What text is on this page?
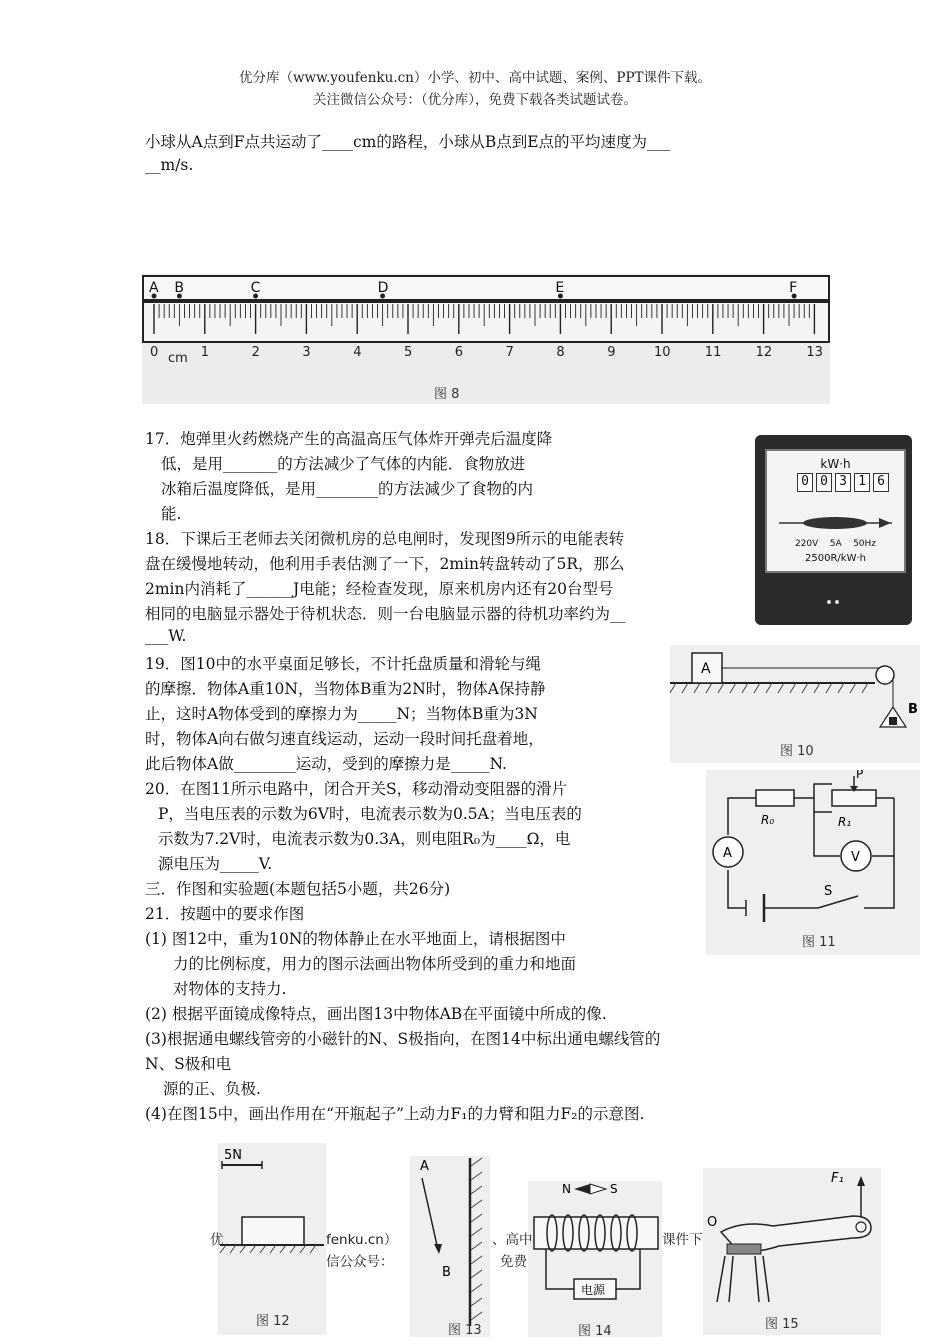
优分库（www.youfenku.cn）小学、初中、高中试题、案例、PPT课件下载。
关注微信公众号：（优分库），免费下载各类试题试卷。
小球从A点到F点共运动了____cm的路程，小球从B点到E点的平均速度为___
__m/s.
0	1	2	3	4	5	6	7	8	9	10	11	12	13
A B	C	D	E	F
cm
图 8
17．炮弹里火药燃烧产生的高温高压气体炸开弹壳后温度降
低，是用_______的方法减少了气体的内能．食物放进
冰箱后温度降低，是用________的方法减少了食物的内
能.
kW·h
0 0 3 1 6
220V    5A    50Hz
2500R/kW·h
18．下课后王老师去关闭微机房的总电闸时，发现图9所示的电能表转
盘在缓慢地转动，他利用手表估测了一下，2min转盘转动了5R，那么
2min内消耗了______J电能；经检查发现，原来机房内还有20台型号
相同的电脑显示器处于待机状态．则一台电脑显示器的待机功率约为__
___W.
A
B
图 10
19．图10中的水平桌面足够长，不计托盘质量和滑轮与绳
的摩擦．物体A重10N，当物体B重为2N时，物体A保持静
止，这时A物体受到的摩擦力为_____N；当物体B重为3N
时，物体A向右做匀速直线运动，运动一段时间托盘着地，
此后物体A做________运动，受到的摩擦力是_____N.
P
R₀	R₁
A	V
S
图 11
20．在图11所示电路中，闭合开关S，移动滑动变阻器的滑片
P，当电压表的示数为6V时，电流表示数为0.5A；当电压表的
示数为7.2V时，电流表示数为0.3A，则电阻R₀为____Ω，电
源电压为_____V.
三．作图和实验题(本题包括5小题，共26分)
21．按题中的要求作图
(1) 图12中，重为10N的物体静止在水平地面上，请根据图中
力的比例标度，用力的图示法画出物体所受到的重力和地面
对物体的支持力.
(2) 根据平面镜成像特点，画出图13中物体AB在平面镜中所成的像.
(3)根据通电螺线管旁的小磁针的N、S极指向，在图14中标出通电螺线管的
N、S极和电
源的正、负极.
(4)在图15中，画出作用在“开瓶起子”上动力F₁的力臂和阻力F₂的示意图.
5N
图 12
A
B
图 13
N	S
电源
图 14
F₁
O
图 15
优	fenku.cn）	、高中	课件下
信公众号：	免费
